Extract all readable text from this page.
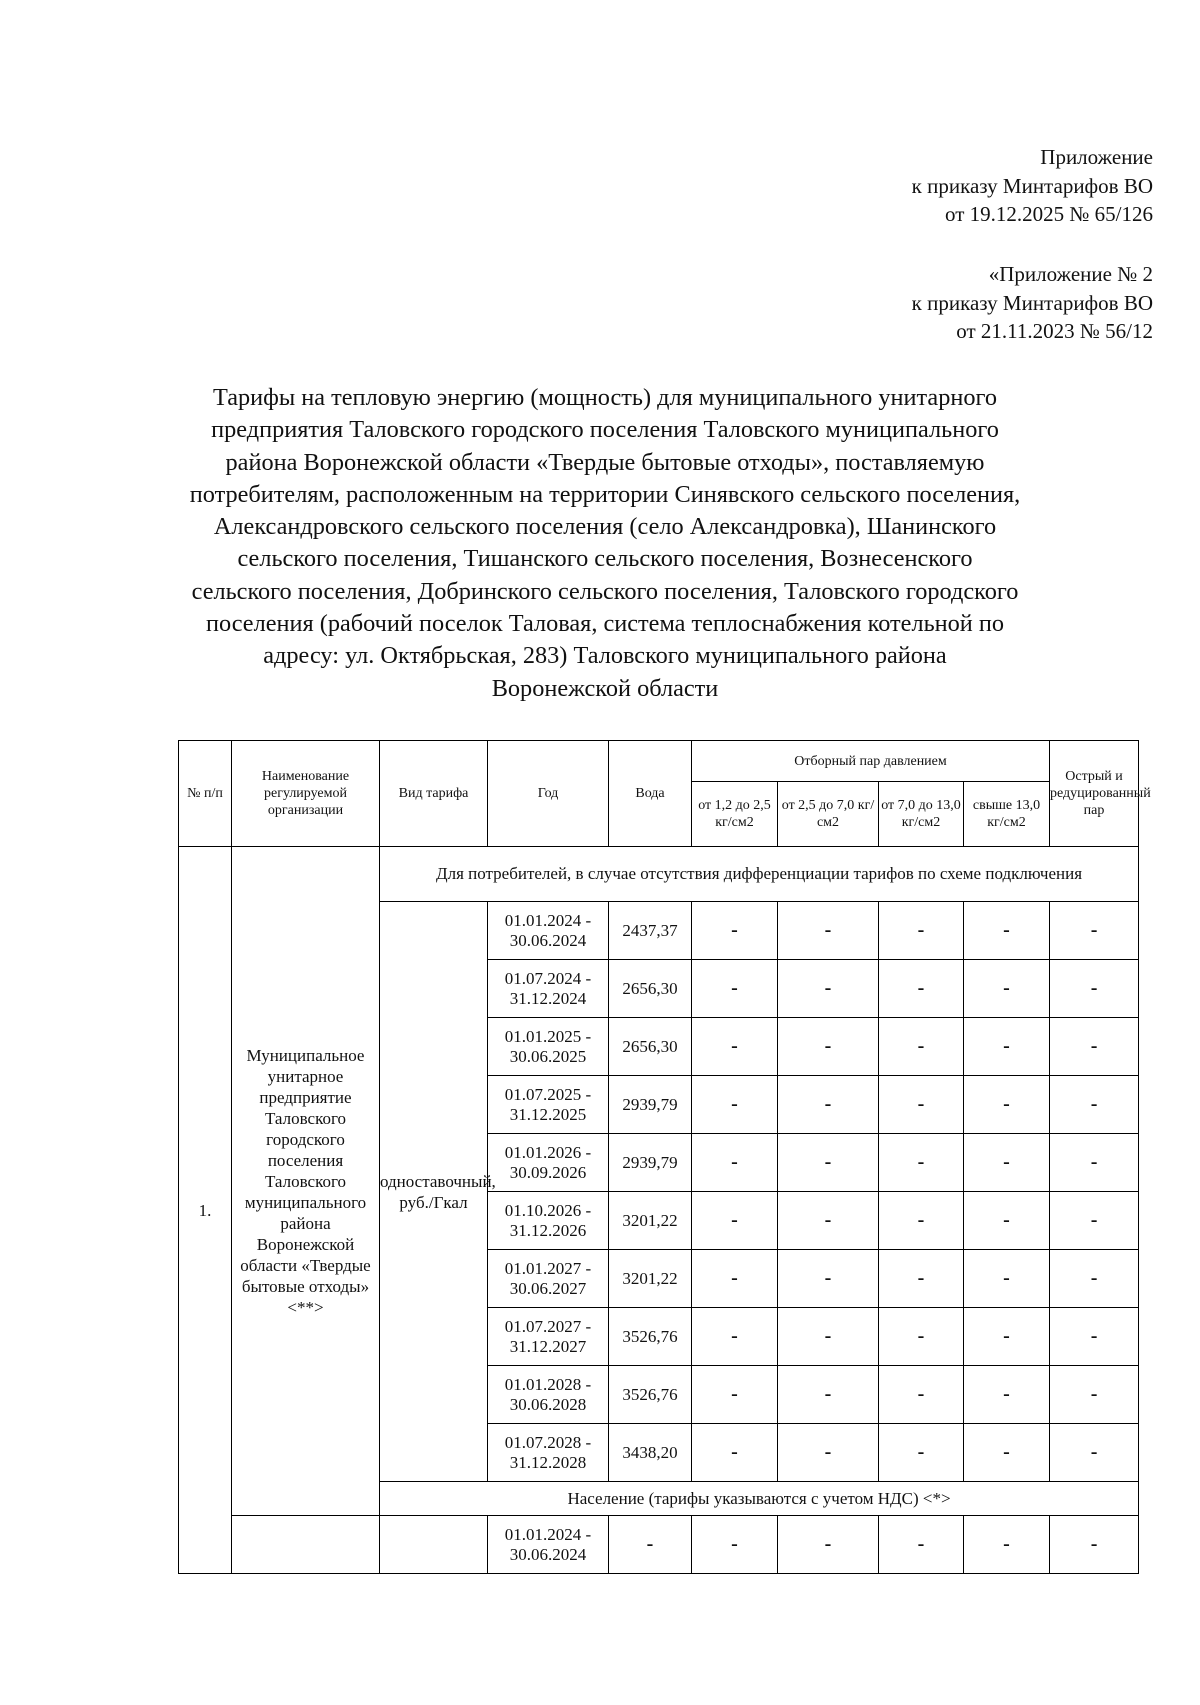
Приложение
к приказу Минтарифов ВО
от 19.12.2025 № 65/126
«Приложение № 2
к приказу Минтарифов ВО
от 21.11.2023 № 56/12
Тарифы на тепловую энергию (мощность) для муниципального унитарного
предприятия Таловского городского поселения Таловского муниципального
района Воронежской области «Твердые бытовые отходы», поставляемую
потребителям, расположенным на территории Синявского сельского поселения,
Александровского сельского поселения (село Александровка), Шанинского
сельского поселения, Тишанского сельского поселения, Вознесенского
сельского поселения, Добринского сельского поселения, Таловского городского
поселения (рабочий поселок Таловая, система теплоснабжения котельной по
адресу: ул. Октябрьская, 283) Таловского муниципального района
Воронежской области
№ п/п	Наименование регулируемой организации	Вид тарифа	Год	Вода	Отборный пар давлением				Острый и редуцированный пар
					от 1,2 до 2,5 кг/см2	от 2,5 до 7,0 кг/см2	от 7,0 до 13,0 кг/см2	свыше 13,0 кг/см2	
1.	Муниципальное унитарное предприятие Таловского городского поселения Таловского муниципального района Воронежской области «Твердые бытовые отходы» <**>	Для потребителей, в случае отсутствия дифференциации тарифов по схеме подключения							
		одноставочный, руб./Гкал	01.01.2024 - 30.06.2024	2437,37	-	-	-	-	-
			01.07.2024 - 31.12.2024	2656,30	-	-	-	-	-
			01.01.2025 - 30.06.2025	2656,30	-	-	-	-	-
			01.07.2025 - 31.12.2025	2939,79	-	-	-	-	-
			01.01.2026 - 30.09.2026	2939,79	-	-	-	-	-
			01.10.2026 - 31.12.2026	3201,22	-	-	-	-	-
			01.01.2027 - 30.06.2027	3201,22	-	-	-	-	-
			01.07.2027 - 31.12.2027	3526,76	-	-	-	-	-
			01.01.2028 - 30.06.2028	3526,76	-	-	-	-	-
			01.07.2028 - 31.12.2028	3438,20	-	-	-	-	-
		Население (тарифы указываются с учетом НДС) <*>							
			01.01.2024 - 30.06.2024	-	-	-	-	-	-
